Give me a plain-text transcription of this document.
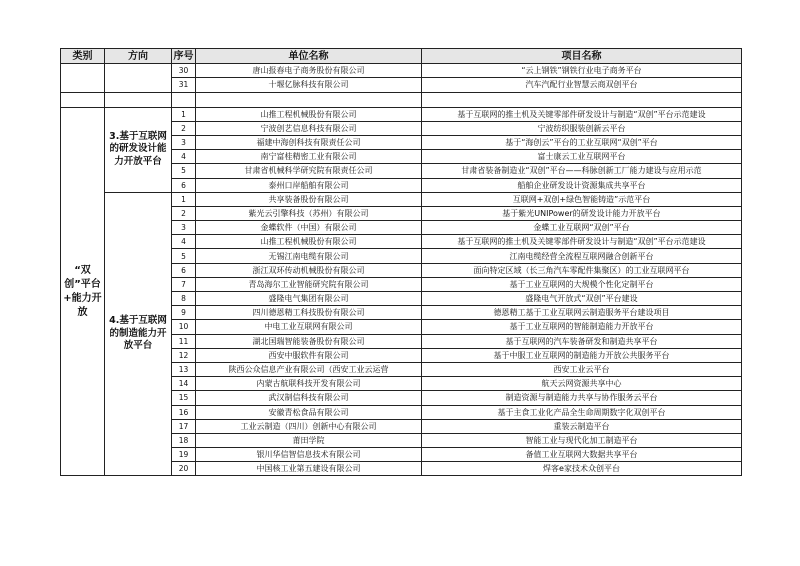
类别	方向	序号	单位名称	项目名称
		30	唐山报春电子商务股份有限公司	“云上钢铁”钢铁行业电子商务平台
		31	十堰亿脉科技有限公司	汽车汽配行业智慧云商双创平台

“双创”平台+能力开放	3.基于互联网的研发设计能力开放平台	1	山推工程机械股份有限公司	基于互联网的推土机及关键零部件研发设计与制造“双创”平台示范建设
		2	宁波创艺信息科技有限公司	宁波纺织服装创新云平台
		3	福建中海创科技有限责任公司	基于“海创云”平台的工业互联网“双创”平台
		4	南宁富桂精密工业有限公司	富士康云工业互联网平台
		5	甘肃省机械科学研究院有限责任公司	甘肃省装备制造业“双创”平台——科脉创新工厂能力建设与应用示范
		6	泰州口岸船舶有限公司	船舶企业研发设计资源集成共享平台
	4.基于互联网的制造能力开放平台	1	共享装备股份有限公司	互联网+双创+绿色智能铸造”示范平台
		2	紫光云引擎科技（苏州）有限公司	基于紫光UNIPower的研发设计能力开放平台
		3	金蝶软件（中国）有限公司	金蝶工业互联网“双创”平台
		4	山推工程机械股份有限公司	基于互联网的推土机及关键零部件研发设计与制造“双创”平台示范建设
		5	无锡江南电缆有限公司	江南电缆经营全流程互联网融合创新平台
		6	浙江双环传动机械股份有限公司	面向特定区域（长三角汽车零配件集聚区）的工业互联网平台
		7	青岛海尔工业智能研究院有限公司	基于工业互联网的大规模个性化定制平台
		8	盛隆电气集团有限公司	盛隆电气开放式“双创”平台建设
		9	四川德恩精工科技股份有限公司	德恩精工基于工业互联网云制造服务平台建设项目
		10	中电工业互联网有限公司	基于工业互联网的智能制造能力开放平台
		11	湖北国瑞智能装备股份有限公司	基于互联网的汽车装备研发和制造共享平台
		12	西安中服软件有限公司	基于中服工业互联网的制造能力开放公共服务平台
		13	陕西公众信息产业有限公司（西安工业云运营	西安工业云平台
		14	内蒙古航联科技开发有限公司	航天云网资源共享中心
		15	武汉制信科技有限公司	制造资源与制造能力共享与协作服务云平台
		16	安徽青松食品有限公司	基于主食工业化产品全生命周期数字化双创平台
		17	工业云制造（四川）创新中心有限公司	重装云制造平台
		18	莆田学院	智能工业与现代化加工制造平台
		19	银川华信智信息技术有限公司	备值工业互联网大数据共享平台
		20	中国核工业第五建设有限公司	焊客e家技术众创平台
